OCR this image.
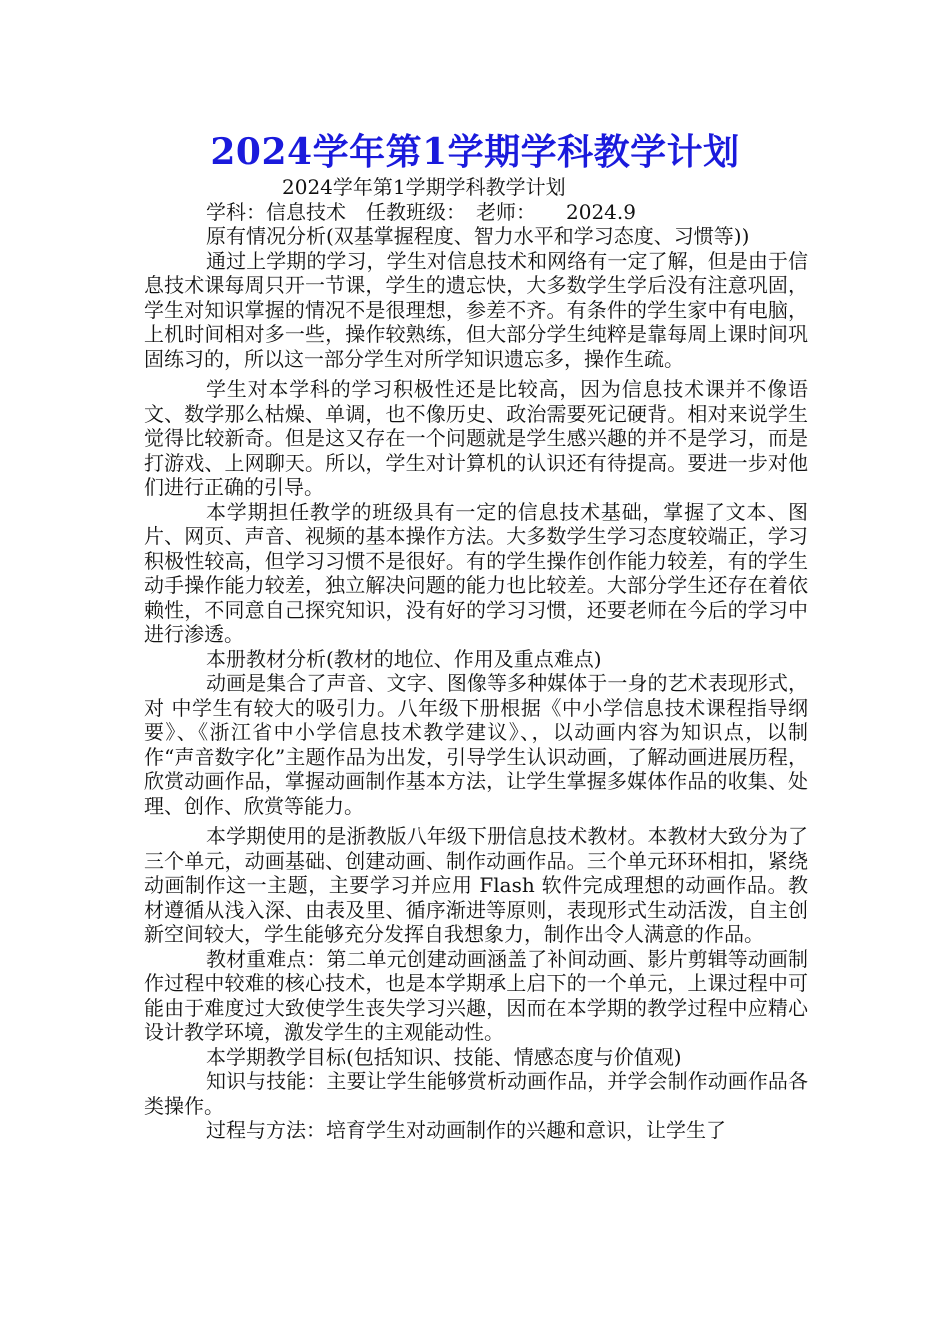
2024学年第1学期学科教学计划

2024学年第1学期学科教学计划

学科：信息技术　任教班级：　老师：　　2024.9

原有情况分析(双基掌握程度、智力水平和学习态度、习惯等))

通过上学期的学习，学生对信息技术和网络有一定了解，但是由于信息技术课每周只开一节课，学生的遗忘快，大多数学生学后没有注意巩固，学生对知识掌握的情况不是很理想，参差不齐。有条件的学生家中有电脑，上机时间相对多一些，操作较熟练，但大部分学生纯粹是靠每周上课时间巩固练习的，所以这一部分学生对所学知识遗忘多，操作生疏。

学生对本学科的学习积极性还是比较高，因为信息技术课并不像语文、数学那么枯燥、单调，也不像历史、政治需要死记硬背。相对来说学生觉得比较新奇。但是这又存在一个问题就是学生感兴趣的并不是学习，而是打游戏、上网聊天。所以，学生对计算机的认识还有待提高。要进一步对他们进行正确的引导。

本学期担任教学的班级具有一定的信息技术基础，掌握了文本、图片、网页、声音、视频的基本操作方法。大多数学生学习态度较端正，学习积极性较高，但学习习惯不是很好。有的学生操作创作能力较差，有的学生动手操作能力较差，独立解决问题的能力也比较差。大部分学生还存在着依赖性，不同意自己探究知识，没有好的学习习惯，还要老师在今后的学习中进行渗透。

本册教材分析(教材的地位、作用及重点难点)

动画是集合了声音、文字、图像等多种媒体于一身的艺术表现形式，对 中学生有较大的吸引力。八年级下册根据《中小学信息技术课程指导纲要》、《浙江省中小学信息技术教学建议》、，以动画内容为知识点，以制作“声音数字化”主题作品为出发，引导学生认识动画，了解动画进展历程，欣赏动画作品，掌握动画制作基本方法，让学生掌握多媒体作品的收集、处理、创作、欣赏等能力。

本学期使用的是浙教版八年级下册信息技术教材。本教材大致分为了三个单元，动画基础、创建动画、制作动画作品。三个单元环环相扣，紧绕动画制作这一主题，主要学习并应用 Flash 软件完成理想的动画作品。教材遵循从浅入深、由表及里、循序渐进等原则，表现形式生动活泼，自主创新空间较大，学生能够充分发挥自我想象力，制作出令人满意的作品。

教材重难点：第二单元创建动画涵盖了补间动画、影片剪辑等动画制作过程中较难的核心技术，也是本学期承上启下的一个单元，上课过程中可能由于难度过大致使学生丧失学习兴趣，因而在本学期的教学过程中应精心设计教学环境，激发学生的主观能动性。

本学期教学目标(包括知识、技能、情感态度与价值观)

知识与技能：主要让学生能够赏析动画作品，并学会制作动画作品各类操作。

过程与方法：培育学生对动画制作的兴趣和意识，让学生了
